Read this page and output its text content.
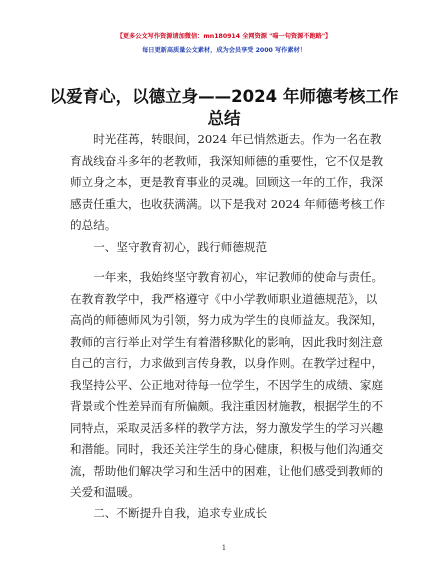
【更多公文写作资源请加微信：mn180914 全网资源 "喵一句资源不跑路"】
每日更新高质量公文素材，成为会员享受 2000 写作素材！
以爱育心，以德立身——2024 年师德考核工作
总结
　　时光荏苒，转眼间，2024 年已悄然逝去。作为一名在教
育战线奋斗多年的老教师，我深知师德的重要性，它不仅是教
师立身之本，更是教育事业的灵魂。回顾这一年的工作，我深
感责任重大，也收获满满。以下是我对 2024 年师德考核工作
的总结。
　　一、坚守教育初心，践行师德规范
　　一年来，我始终坚守教育初心，牢记教师的使命与责任。
在教育教学中，我严格遵守《中小学教师职业道德规范》，以
高尚的师德师风为引领，努力成为学生的良师益友。我深知，
教师的言行举止对学生有着潜移默化的影响，因此我时刻注意
自己的言行，力求做到言传身教，以身作则。在教学过程中，
我坚持公平、公正地对待每一位学生，不因学生的成绩、家庭
背景或个性差异而有所偏颇。我注重因材施教，根据学生的不
同特点，采取灵活多样的教学方法，努力激发学生的学习兴趣
和潜能。同时，我还关注学生的身心健康，积极与他们沟通交
流，帮助他们解决学习和生活中的困难，让他们感受到教师的
关爱和温暖。
　　二、不断提升自我，追求专业成长
1
